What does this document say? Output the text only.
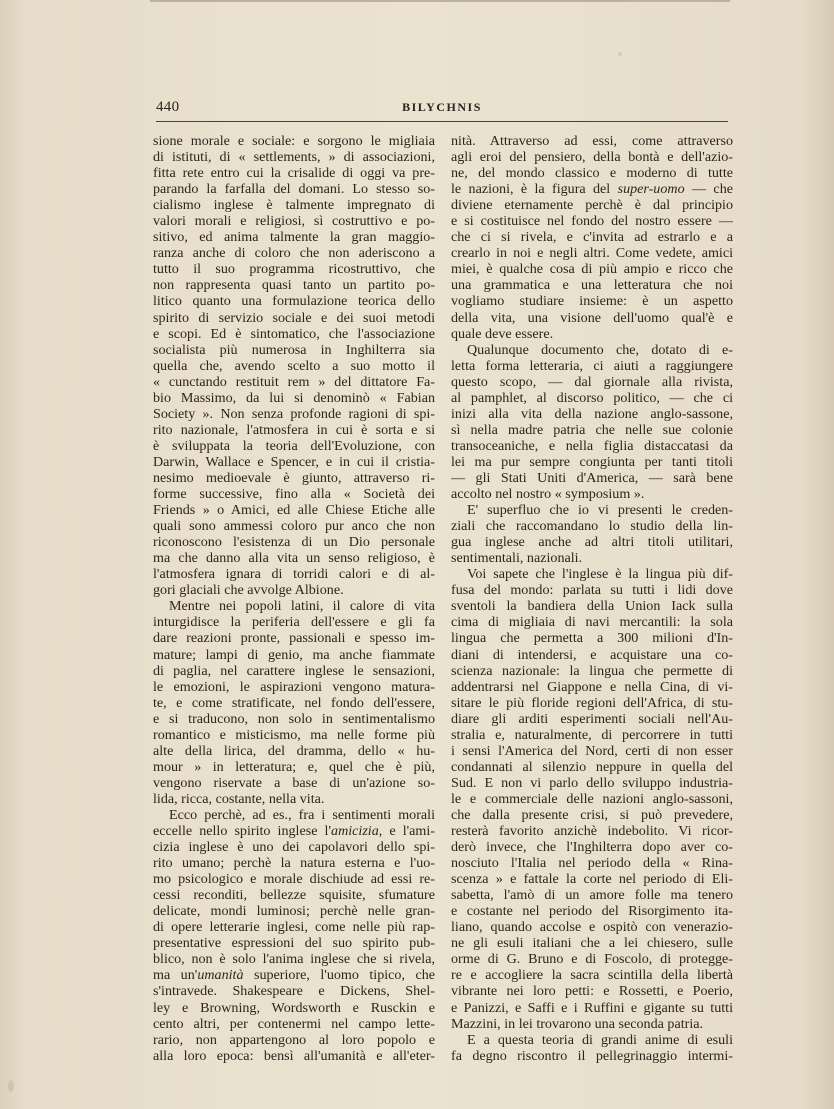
440	BILYCHNIS
sione morale e sociale: e sorgono le migliaia
di istituti, di « settlements, » di associazioni,
fitta rete entro cui la crisalide di oggi va pre-
parando la farfalla del domani. Lo stesso so-
cialismo inglese è talmente impregnato di
valori morali e religiosi, sì costruttivo e po-
sitivo, ed anima talmente la gran maggio-
ranza anche di coloro che non aderiscono a
tutto il suo programma ricostruttivo, che
non rappresenta quasi tanto un partito po-
litico quanto una formulazione teorica dello
spirito di servizio sociale e dei suoi metodi
e scopi. Ed è sintomatico, che l'associazione
socialista più numerosa in Inghilterra sia
quella che, avendo scelto a suo motto il
« cunctando restituit rem » del dittatore Fa-
bio Massimo, da lui si denominò « Fabian
Society ». Non senza profonde ragioni di spi-
rito nazionale, l'atmosfera in cui è sorta e si
è sviluppata la teoria dell'Evoluzione, con
Darwin, Wallace e Spencer, e in cui il cristia-
nesimo medioevale è giunto, attraverso ri-
forme successive, fino alla « Società dei
Friends » o Amici, ed alle Chiese Etiche alle
quali sono ammessi coloro pur anco che non
riconoscono l'esistenza di un Dio personale
ma che danno alla vita un senso religioso, è
l'atmosfera ignara di torridi calori e di al-
gori glaciali che avvolge Albione.
Mentre nei popoli latini, il calore di vita
inturgidisce la periferia dell'essere e gli fa
dare reazioni pronte, passionali e spesso im-
mature; lampi di genio, ma anche fiammate
di paglia, nel carattere inglese le sensazioni,
le emozioni, le aspirazioni vengono matura-
te, e come stratificate, nel fondo dell'essere,
e si traducono, non solo in sentimentalismo
romantico e misticismo, ma nelle forme più
alte della lirica, del dramma, dello « hu-
mour » in letteratura; e, quel che è più,
vengono riservate a base di un'azione so-
lida, ricca, costante, nella vita.
Ecco perchè, ad es., fra i sentimenti morali
eccelle nello spirito inglese l'amicizia, e l'ami-
cizia inglese è uno dei capolavori dello spi-
rito umano; perchè la natura esterna e l'uo-
mo psicologico e morale dischiude ad essi re-
cessi reconditi, bellezze squisite, sfumature
delicate, mondi luminosi; perchè nelle gran-
di opere letterarie inglesi, come nelle più rap-
presentative espressioni del suo spirito pub-
blico, non è solo l'anima inglese che si rivela,
ma un'umanità superiore, l'uomo tipico, che
s'intravede. Shakespeare e Dickens, Shel-
ley e Browning, Wordsworth e Rusckin e
cento altri, per contenermi nel campo lette-
rario, non appartengono al loro popolo e
alla loro epoca: bensì all'umanità e all'eter-
nità. Attraverso ad essi, come attraverso
agli eroi del pensiero, della bontà e dell'azio-
ne, del mondo classico e moderno di tutte
le nazioni, è la figura del super-uomo — che
diviene eternamente perchè è dal principio
e si costituisce nel fondo del nostro essere —
che ci si rivela, e c'invita ad estrarlo e a
crearlo in noi e negli altri. Come vedete, amici
miei, è qualche cosa di più ampio e ricco che
una grammatica e una letteratura che noi
vogliamo studiare insieme: è un aspetto
della vita, una visione dell'uomo qual'è e
quale deve essere.
Qualunque documento che, dotato di e-
letta forma letteraria, ci aiuti a raggiungere
questo scopo, — dal giornale alla rivista,
al pamphlet, al discorso politico, — che ci
inizi alla vita della nazione anglo-sassone,
sì nella madre patria che nelle sue colonie
transoceaniche, e nella figlia distaccatasi da
lei ma pur sempre congiunta per tanti titoli
— gli Stati Uniti d'America, — sarà bene
accolto nel nostro « symposium ».
E' superfluo che io vi presenti le creden-
ziali che raccomandano lo studio della lin-
gua inglese anche ad altri titoli utilitari,
sentimentali, nazionali.
Voi sapete che l'inglese è la lingua più dif-
fusa del mondo: parlata su tutti i lidi dove
sventoli la bandiera della Union Iack sulla
cima di migliaia di navi mercantili: la sola
lingua che permetta a 300 milioni d'In-
diani di intendersi, e acquistare una co-
scienza nazionale: la lingua che permette di
addentrarsi nel Giappone e nella Cina, di vi-
sitare le più floride regioni dell'Africa, di stu-
diare gli arditi esperimenti sociali nell'Au-
stralia e, naturalmente, di percorrere in tutti
i sensi l'America del Nord, certi di non esser
condannati al silenzio neppure in quella del
Sud. E non vi parlo dello sviluppo industria-
le e commerciale delle nazioni anglo-sassoni,
che dalla presente crisi, si può prevedere,
resterà favorito anzichè indebolito. Vi ricor-
derò invece, che l'Inghilterra dopo aver co-
nosciuto l'Italia nel periodo della « Rina-
scenza » e fattale la corte nel periodo di Eli-
sabetta, l'amò di un amore folle ma tenero
e costante nel periodo del Risorgimento ita-
liano, quando accolse e ospitò con venerazio-
ne gli esuli italiani che a lei chiesero, sulle
orme di G. Bruno e di Foscolo, di protegge-
re e accogliere la sacra scintilla della libertà
vibrante nei loro petti: e Rossetti, e Poerio,
e Panizzi, e Saffi e i Ruffini e gigante su tutti
Mazzini, in lei trovarono una seconda patria.
E a questa teoria di grandi anime di esuli
fa degno riscontro il pellegrinaggio intermi-
